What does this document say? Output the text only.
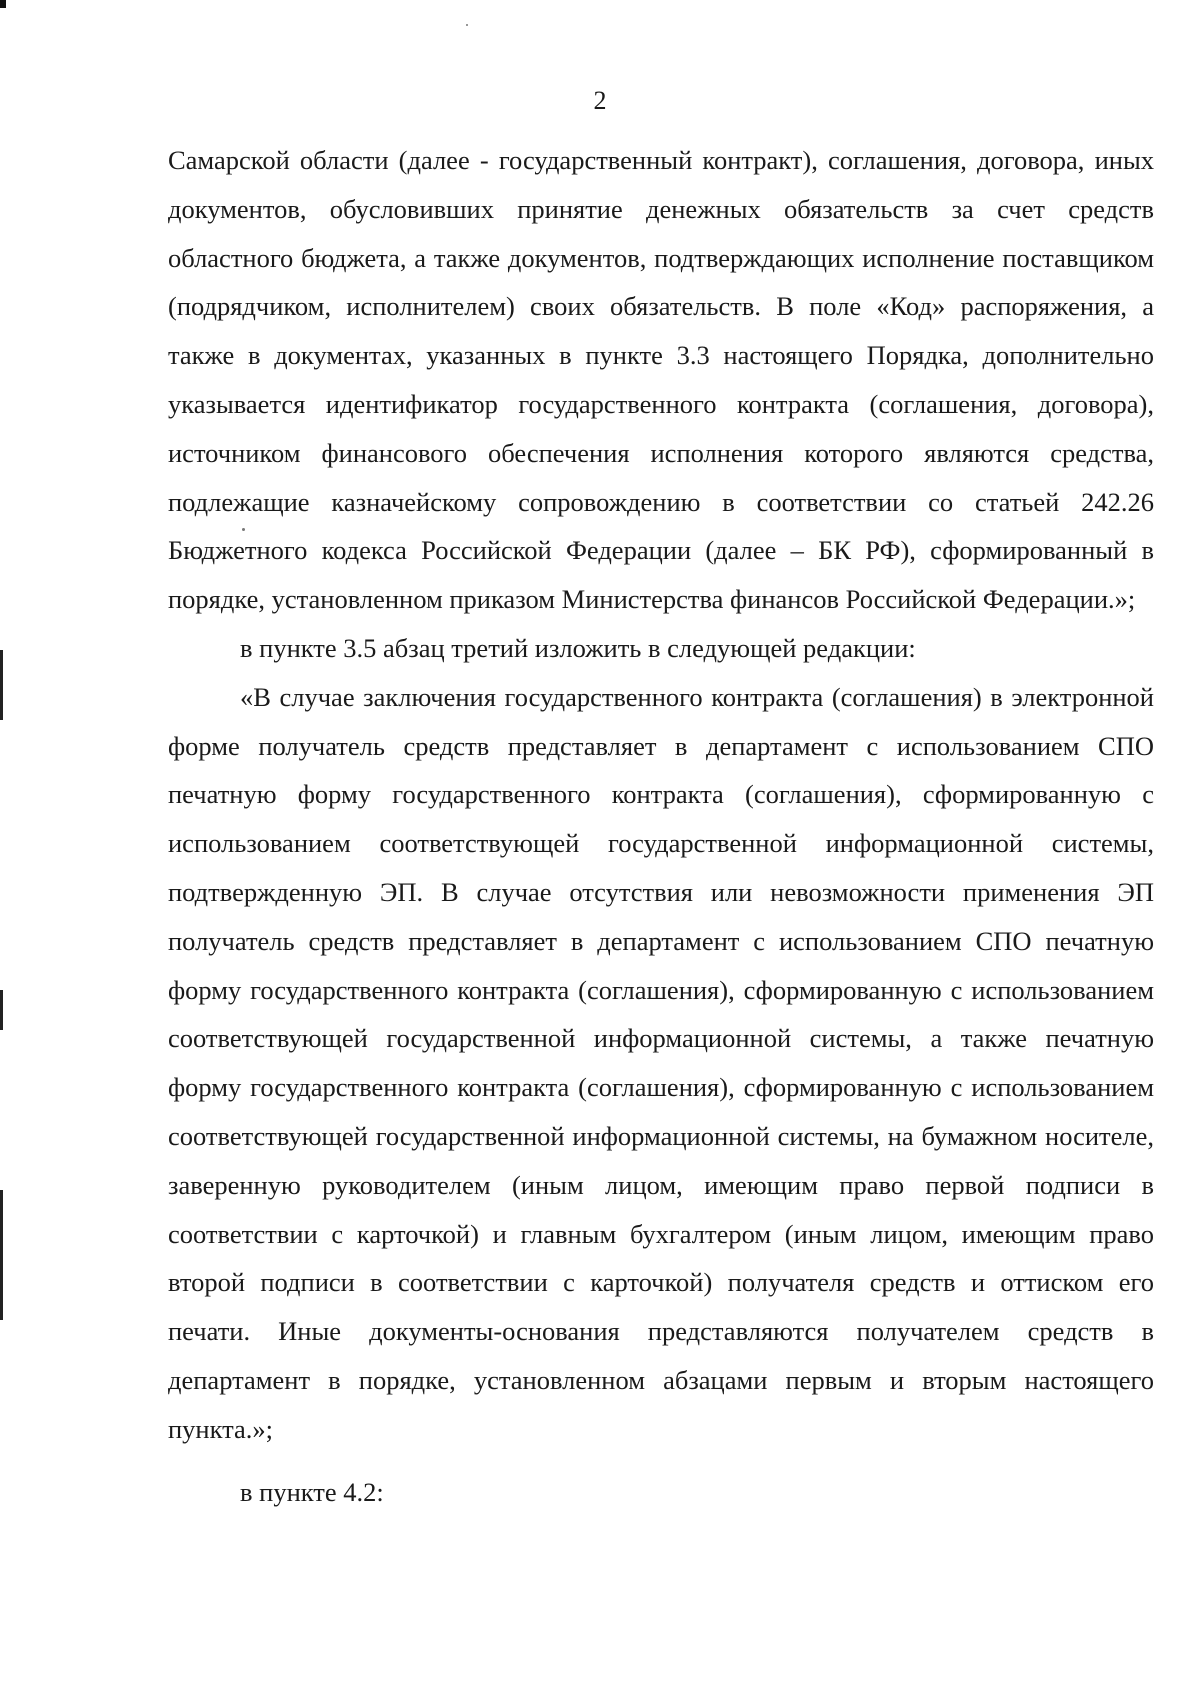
2

Самарской области (далее - государственный контракт), соглашения, договора, иных документов, обусловивших принятие денежных обязательств за счет средств областного бюджета, а также документов, подтверждающих исполнение поставщиком (подрядчиком, исполнителем) своих обязательств. В поле «Код» распоряжения, а также в документах, указанных в пункте 3.3 настоящего Порядка, дополнительно указывается идентификатор государственного контракта (соглашения, договора), источником финансового обеспечения исполнения которого являются средства, подлежащие казначейскому сопровождению в соответствии со статьей 242.26 Бюджетного кодекса Российской Федерации (далее – БК РФ), сформированный в порядке, установленном приказом Министерства финансов Российской Федерации.»;

в пункте 3.5 абзац третий изложить в следующей редакции:

«В случае заключения государственного контракта (соглашения) в электронной форме получатель средств представляет в департамент с использованием СПО печатную форму государственного контракта (соглашения), сформированную с использованием соответствующей государственной информационной системы, подтвержденную ЭП. В случае отсутствия или невозможности применения ЭП получатель средств представляет в департамент с использованием СПО печатную форму государственного контракта (соглашения), сформированную с использованием соответствующей государственной информационной системы, а также печатную форму государственного контракта (соглашения), сформированную с использованием соответствующей государственной информационной системы, на бумажном носителе, заверенную руководителем (иным лицом, имеющим право первой подписи в соответствии с карточкой) и главным бухгалтером (иным лицом, имеющим право второй подписи в соответствии с карточкой) получателя средств и оттиском его печати. Иные документы-основания представляются получателем средств в департамент в порядке, установленном абзацами первым и вторым настоящего пункта.»;

в пункте 4.2:
